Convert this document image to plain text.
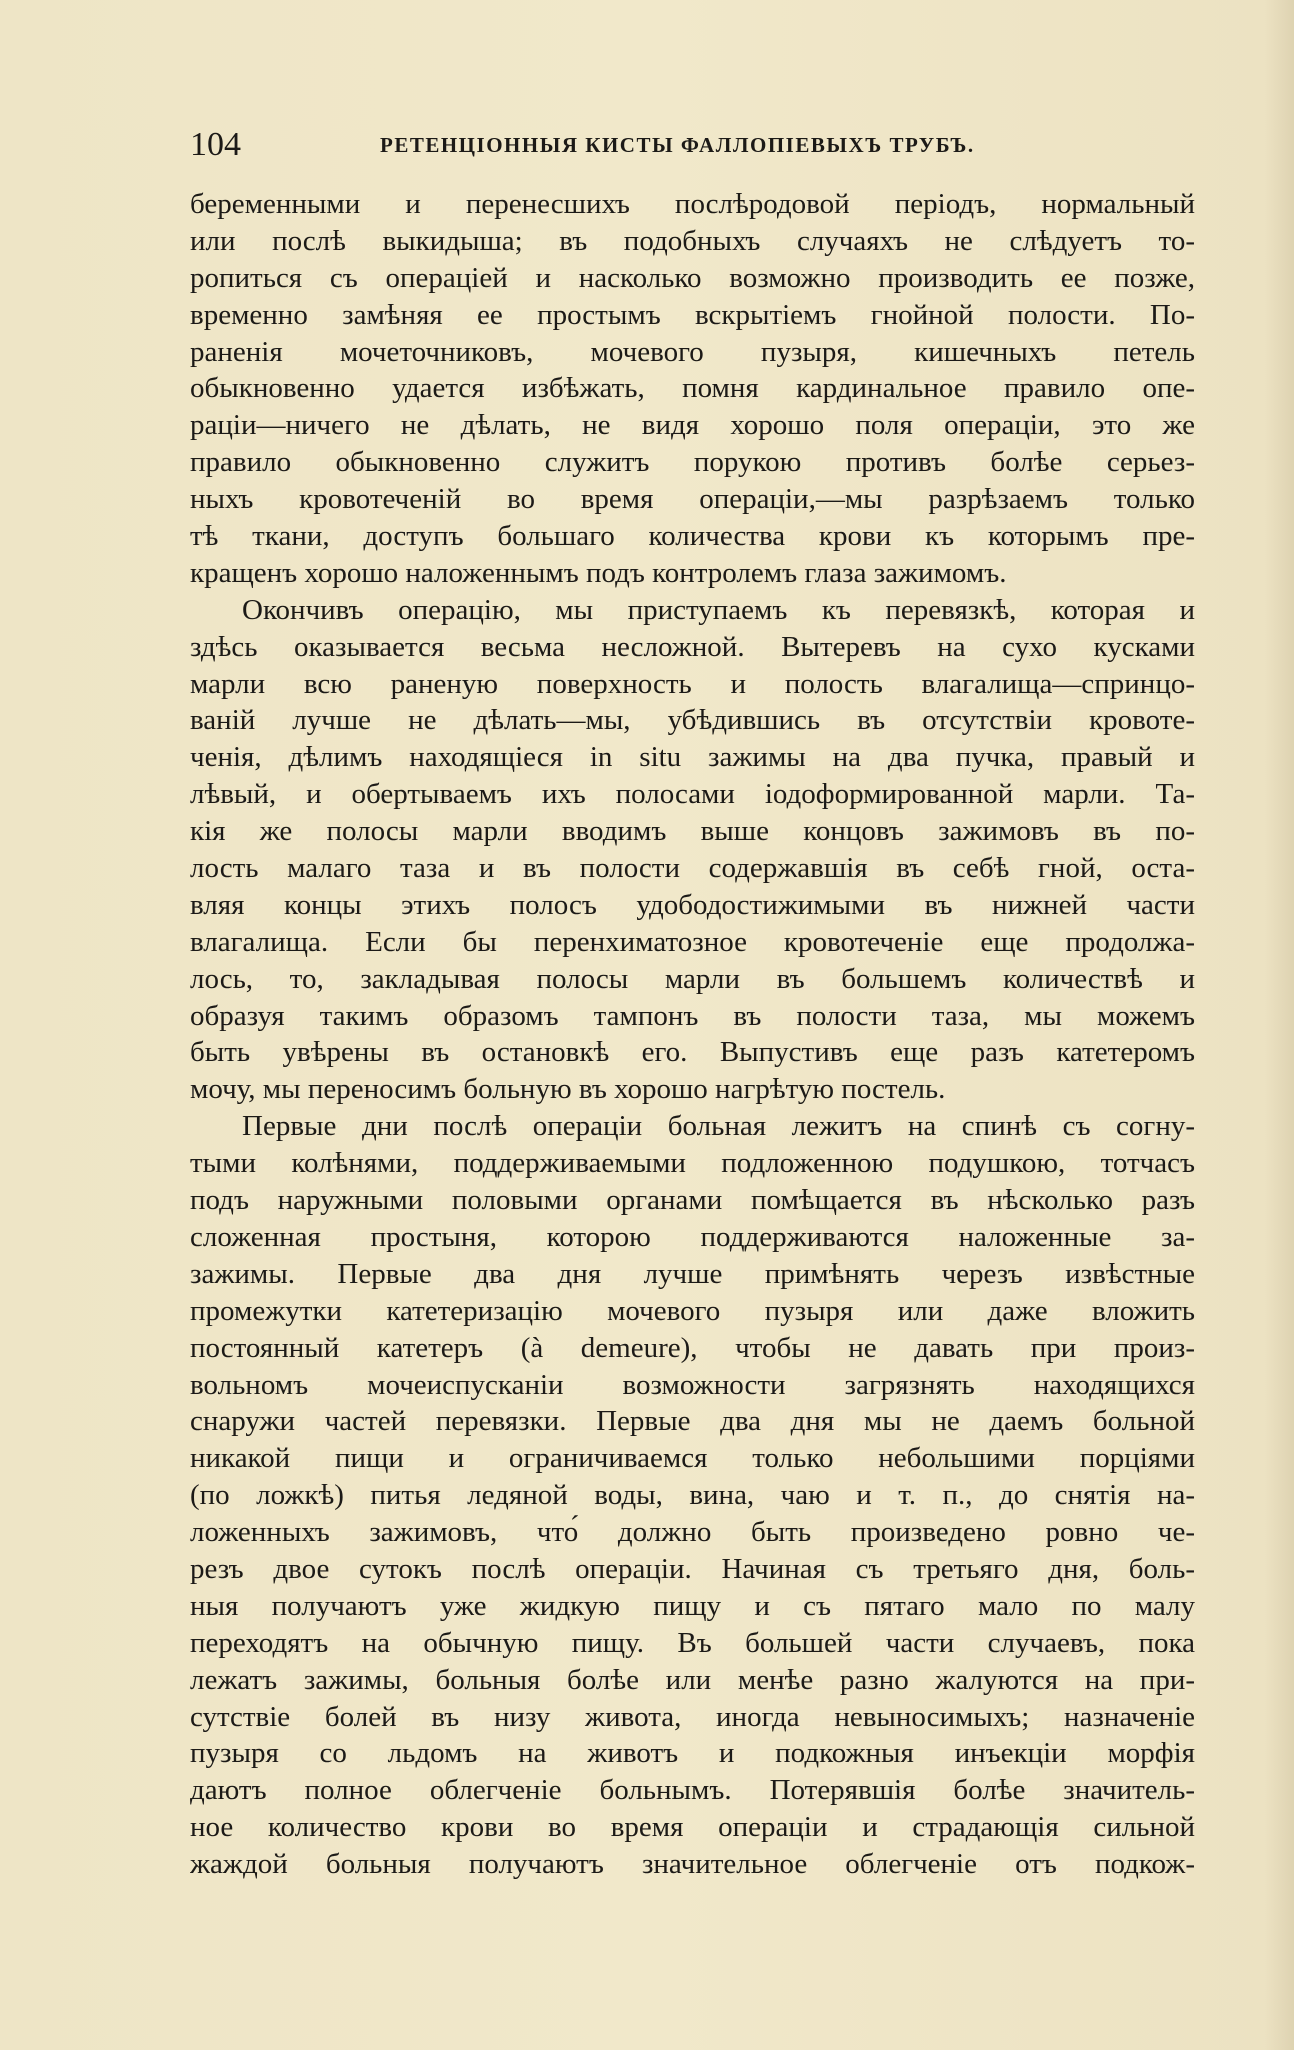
104	РЕТЕНЦІОННЫЯ КИСТЫ ФАЛЛОПІЕВЫХЪ ТРУБЪ.
беременными и перенесшихъ послѣродовой періодъ, нормальный
или послѣ выкидыша; въ подобныхъ случаяхъ не слѣдуетъ то-
ропиться съ операціей и насколько возможно производить ее позже,
временно замѣняя ее простымъ вскрытіемъ гнойной полости. По-
раненія мочеточниковъ, мочевого пузыря, кишечныхъ петель
обыкновенно удается избѣжать, помня кардинальное правило опе-
раціи—ничего не дѣлать, не видя хорошо поля операціи, это же
правило обыкновенно служитъ порукою противъ болѣе серьез-
ныхъ кровотеченій во время операціи,—мы разрѣзаемъ только
тѣ ткани, доступъ большаго количества крови къ которымъ пре-
кращенъ хорошо наложеннымъ подъ контролемъ глаза зажимомъ.
Окончивъ операцію, мы приступаемъ къ перевязкѣ, которая и
здѣсь оказывается весьма несложной. Вытеревъ на сухо кусками
марли всю раненую поверхность и полость влагалища—спринцо-
ваній лучше не дѣлать—мы, убѣдившись въ отсутствіи кровоте-
ченія, дѣлимъ находящіеся in situ зажимы на два пучка, правый и
лѣвый, и обертываемъ ихъ полосами іодоформированной марли. Та-
кія же полосы марли вводимъ выше концовъ зажимовъ въ по-
лость малаго таза и въ полости содержавшія въ себѣ гной, оста-
вляя концы этихъ полосъ удободостижимыми въ нижней части
влагалища. Если бы перенхиматозное кровотеченіе еще продолжа-
лось, то, закладывая полосы марли въ большемъ количествѣ и
образуя такимъ образомъ тампонъ въ полости таза, мы можемъ
быть увѣрены въ остановкѣ его. Выпустивъ еще разъ катетеромъ
мочу, мы переносимъ больную въ хорошо нагрѣтую постель.
Первые дни послѣ операціи больная лежитъ на спинѣ съ согну-
тыми колѣнями, поддерживаемыми подложенною подушкою, тотчасъ
подъ наружными половыми органами помѣщается въ нѣсколько разъ
сложенная простыня, которою поддерживаются наложенные за-
зажимы. Первые два дня лучше примѣнять черезъ извѣстные
промежутки катетеризацію мочевого пузыря или даже вложить
постоянный катетеръ (à demeure), чтобы не давать при произ-
вольномъ мочеиспусканіи возможности загрязнять находящихся
снаружи частей перевязки. Первые два дня мы не даемъ больной
никакой пищи и ограничиваемся только небольшими порціями
(по ложкѣ) питья ледяной воды, вина, чаю и т. п., до снятія на-
ложенныхъ зажимовъ, что́ должно быть произведено ровно че-
резъ двое сутокъ послѣ операціи. Начиная съ третьяго дня, боль-
ныя получаютъ уже жидкую пищу и съ пятаго мало по малу
переходятъ на обычную пищу. Въ большей части случаевъ, пока
лежатъ зажимы, больныя болѣе или менѣе разно жалуются на при-
сутствіе болей въ низу живота, иногда невыносимыхъ; назначеніе
пузыря со льдомъ на животъ и подкожныя инъекціи морфія
даютъ полное облегченіе больнымъ. Потерявшія болѣе значитель-
ное количество крови во время операціи и страдающія сильной
жаждой больныя получаютъ значительное облегченіе отъ подкож-
